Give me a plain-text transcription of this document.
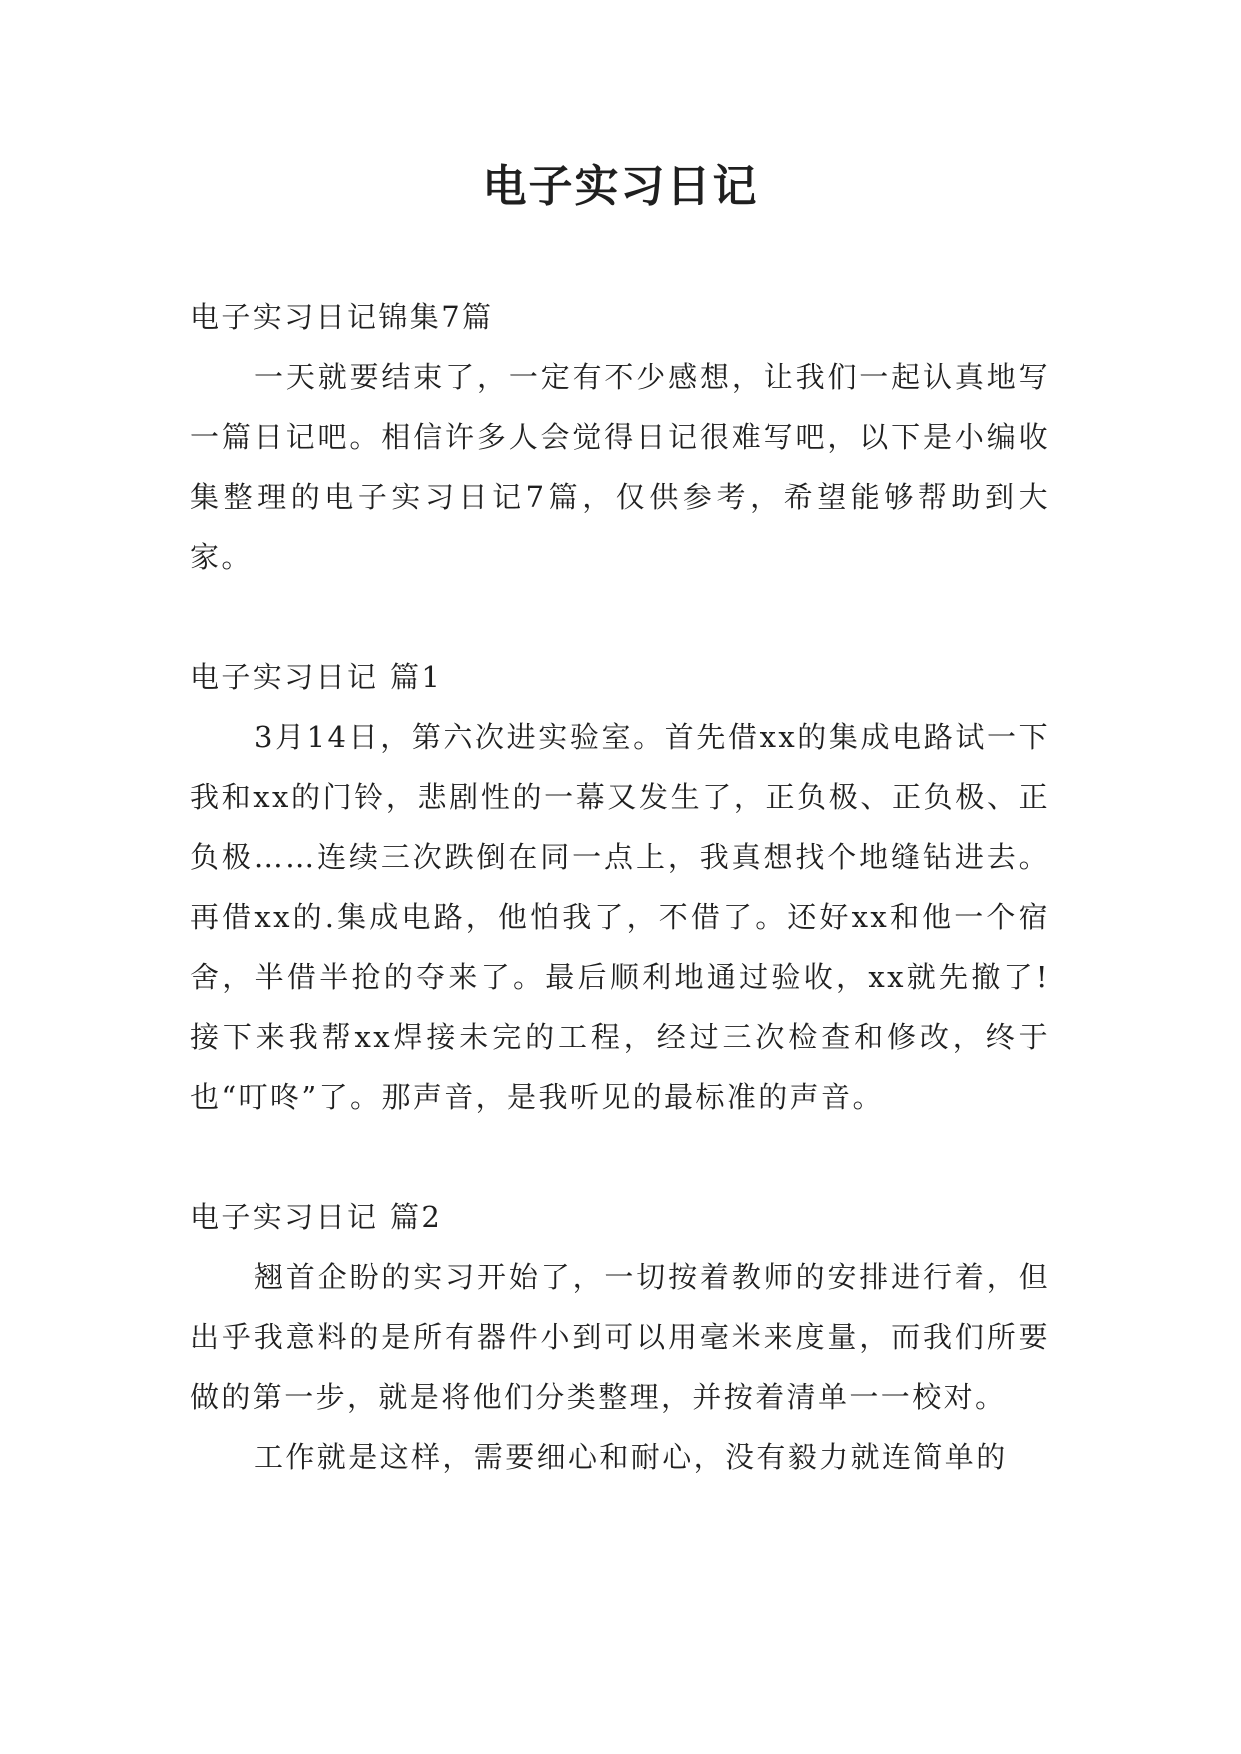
电子实习日记

电子实习日记锦集7篇

一天就要结束了，一定有不少感想，让我们一起认真地写一篇日记吧。相信许多人会觉得日记很难写吧，以下是小编收集整理的电子实习日记7篇，仅供参考，希望能够帮助到大家。

电子实习日记 篇1

3月14日，第六次进实验室。首先借xx的集成电路试一下我和xx的门铃，悲剧性的一幕又发生了，正负极、正负极、正负极……连续三次跌倒在同一点上，我真想找个地缝钻进去。再借xx的.集成电路，他怕我了，不借了。还好xx和他一个宿舍，半借半抢的夺来了。最后顺利地通过验收，xx就先撤了!接下来我帮xx焊接未完的工程，经过三次检查和修改，终于也“叮咚”了。那声音，是我听见的最标准的声音。

电子实习日记 篇2

翘首企盼的实习开始了，一切按着教师的安排进行着，但出乎我意料的是所有器件小到可以用毫米来度量，而我们所要做的第一步，就是将他们分类整理，并按着清单一一校对。

工作就是这样，需要细心和耐心，没有毅力就连简单的
